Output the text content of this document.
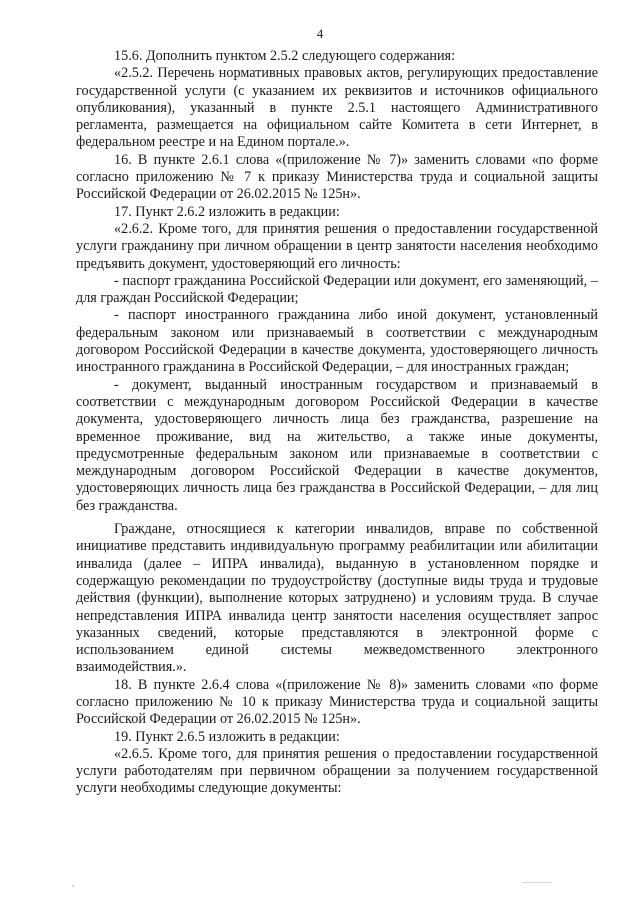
4

15.6. Дополнить пунктом 2.5.2 следующего содержания:

«2.5.2. Перечень нормативных правовых актов, регулирующих предоставление государственной услуги (с указанием их реквизитов и источников официального опубликования), указанный в пункте 2.5.1 настоящего Административного регламента, размещается на официальном сайте Комитета в сети Интернет, в федеральном реестре и на Едином портале.».

16. В пункте 2.6.1 слова «(приложение № 7)» заменить словами «по форме согласно приложению № 7 к приказу Министерства труда и социальной защиты Российской Федерации от 26.02.2015 № 125н».

17. Пункт 2.6.2 изложить в редакции:

«2.6.2. Кроме того, для принятия решения о предоставлении государственной услуги гражданину при личном обращении в центр занятости населения необходимо предъявить документ, удостоверяющий его личность:

- паспорт гражданина Российской Федерации или документ, его заменяющий, – для граждан Российской Федерации;

- паспорт иностранного гражданина либо иной документ, установленный федеральным законом или признаваемый в соответствии с международным договором Российской Федерации в качестве документа, удостоверяющего личность иностранного гражданина в Российской Федерации, – для иностранных граждан;

- документ, выданный иностранным государством и признаваемый в соответствии с международным договором Российской Федерации в качестве документа, удостоверяющего личность лица без гражданства, разрешение на временное проживание, вид на жительство, а также иные документы, предусмотренные федеральным законом или признаваемые в соответствии с международным договором Российской Федерации в качестве документов, удостоверяющих личность лица без гражданства в Российской Федерации, – для лиц без гражданства.

Граждане, относящиеся к категории инвалидов, вправе по собственной инициативе представить индивидуальную программу реабилитации или абилитации инвалида (далее – ИПРА инвалида), выданную в установленном порядке и содержащую рекомендации по трудоустройству (доступные виды труда и трудовые действия (функции), выполнение которых затруднено) и условиям труда. В случае непредставления ИПРА инвалида центр занятости населения осуществляет запрос указанных сведений, которые представляются в электронной форме с использованием единой системы межведомственного электронного взаимодействия.».

18. В пункте 2.6.4 слова «(приложение № 8)» заменить словами «по форме согласно приложению № 10 к приказу Министерства труда и социальной защиты Российской Федерации от 26.02.2015 № 125н».

19. Пункт 2.6.5 изложить в редакции:

«2.6.5. Кроме того, для принятия решения о предоставлении государственной услуги работодателям при первичном обращении за получением государственной услуги необходимы следующие документы:
